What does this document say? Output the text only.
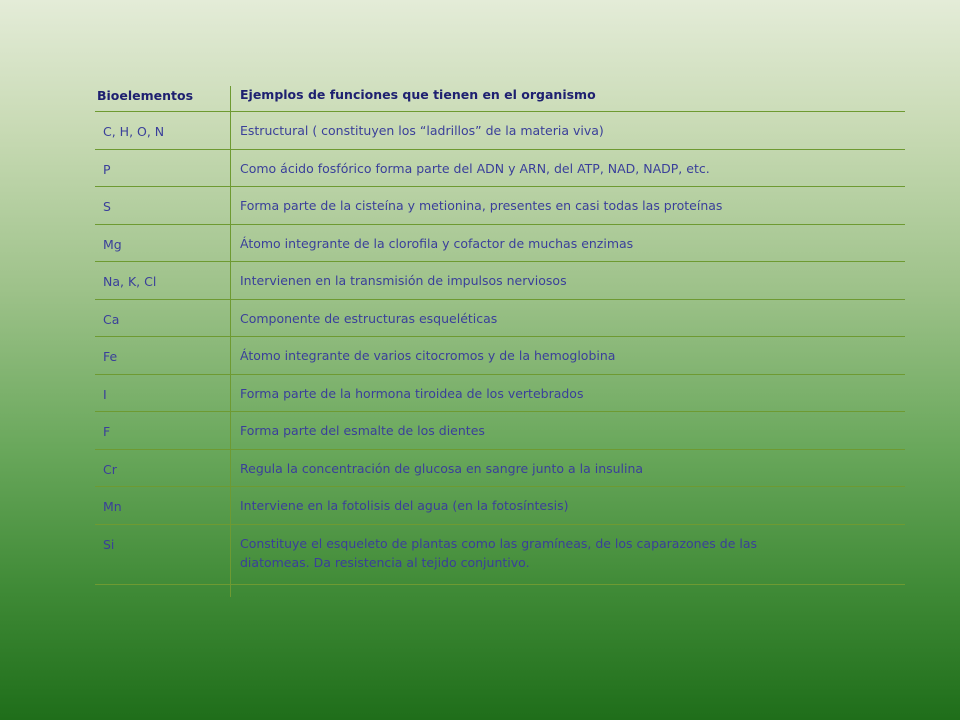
Bioelementos	Ejemplos de funciones que tienen en el organismo
C, H, O, N	Estructural ( constituyen los “ladrillos” de la materia viva)
P	Como ácido fosfórico forma parte del ADN y ARN, del ATP, NAD, NADP, etc.
S	Forma parte de la cisteína y metionina, presentes en casi todas las proteínas
Mg	Átomo integrante de la clorofila y cofactor de muchas enzimas
Na, K, Cl	Intervienen en la transmisión de impulsos nerviosos
Ca	Componente de estructuras esqueléticas
Fe	Átomo integrante de varios citocromos y de la hemoglobina
I	Forma parte de la hormona tiroidea de los vertebrados
F	Forma parte del esmalte de los dientes
Cr	Regula la concentración de glucosa en sangre junto a la insulina
Mn	Interviene en la fotolisis del agua (en la fotosíntesis)
Si	Constituye el esqueleto de plantas como las gramíneas, de los caparazones de las diatomeas. Da resistencia al tejido conjuntivo.
